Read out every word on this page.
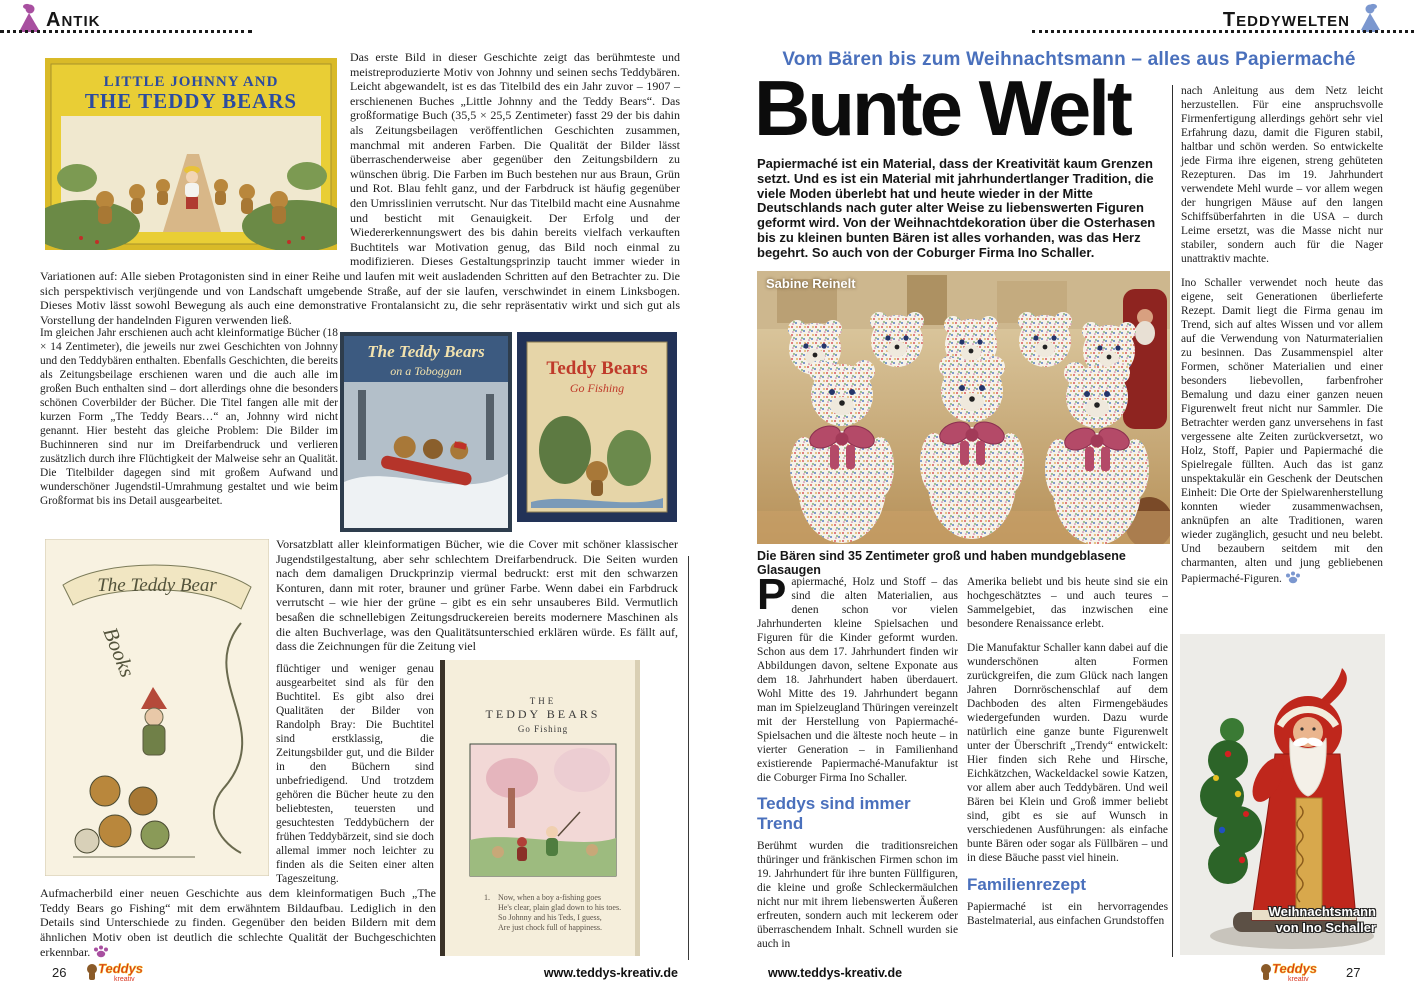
ANTIK	TEDDYWELTEN

Das erste Bild in dieser Geschichte zeigt das berühmteste und meistreproduzierte Motiv von Johnny und seinen sechs Teddybären. Leicht abgewandelt, ist es das Titelbild des ein Jahr zuvor – 1907 – erschienenen Buches „Little Johnny and the Teddy Bears“. Das großformatige Buch (35,5 × 25,5 Zentimeter) fasst 29 der bis dahin als Zeitungsbeilagen veröffentlichen Geschichten zusammen, manchmal mit anderen Farben. Die Qualität der Bilder lässt überraschenderweise aber gegenüber den Zeitungsbildern zu wünschen übrig. Die Farben im Buch bestehen nur aus Braun, Grün und Rot. Blau fehlt ganz, und der Farbdruck ist häufig gegenüber den Umrisslinien verrutscht. Nur das Titelbild macht eine Ausnahme und besticht mit Genauigkeit. Der Erfolg und der Wiedererkennungswert des bis dahin bereits vielfach verkauften Buchtitels war Motivation genug, das Bild noch einmal zu modifizieren. Dieses Gestaltungsprinzip taucht immer wieder in Variationen auf: Alle sieben Protagonisten sind in einer Reihe und laufen mit weit ausladenden Schritten auf den Betrachter zu. Die sich perspektivisch verjüngende und von Landschaft umgebende Straße, auf der sie laufen, verschwindet in einem Linksbogen. Dieses Motiv lässt sowohl Bewegung als auch eine demonstrative Frontalansicht zu, die sehr repräsentativ wirkt und sich gut als Vorstellung der handelnden Figuren verwenden ließ.

LITTLE JOHNNY AND
THE TEDDY BEARS

Im gleichen Jahr erschienen auch acht kleinformatige Bücher (18 × 14 Zentimeter), die jeweils nur zwei Geschichten von Johnny und den Teddybären enthalten. Ebenfalls Geschichten, die bereits als Zeitungsbeilage erschienen waren und die auch alle im großen Buch enthalten sind – dort allerdings ohne die besonders schönen Coverbilder der Bücher. Die Titel fangen alle mit der kurzen Form „The Teddy Bears…“ an, Johnny wird nicht genannt. Hier besteht das gleiche Problem: Die Bilder im Buchinneren sind nur im Dreifarbendruck und verlieren zusätzlich durch ihre Flüchtigkeit der Malweise sehr an Qualität. Die Titelbilder dagegen sind mit großem Aufwand und wunderschöner Jugendstil-Umrahmung gestaltet und wie beim Großformat bis ins Detail ausgearbeitet.

The Teddy Bears
on a Toboggan	Teddy Bears
Go Fishing
The Teddy Bear
Books

Vorsatzblatt aller kleinformatigen Bücher, wie die Cover mit schöner klassischer Jugendstilgestaltung, aber sehr schlechtem Dreifarbendruck. Die Seiten wurden nach dem damaligen Druckprinzip viermal bedruckt: erst mit den schwarzen Konturen, dann mit roter, brauner und grüner Farbe. Wenn dabei ein Farbdruck verrutscht – wie hier der grüne – gibt es ein sehr unsauberes Bild. Vermutlich besaßen die schnellebigen Zeitungsdruckereien bereits modernere Maschinen als die alten Buchverlage, was den Qualitätsunterschied erklären würde. Es fällt auf, dass die Zeichnungen für die Zeitung viel

flüchtiger und weniger genau ausgearbeitet sind als für den Buchtitel. Es gibt also drei Qualitäten der Bilder von Randolph Bray: Die Buchtitel sind erstklassig, die Zeitungsbilder gut, und die Bilder in den Büchern sind unbefriedigend. Und trotzdem gehören die Bücher heute zu den beliebtesten, teuersten und gesuchtesten Teddybüchern der frühen Teddybärzeit, sind sie doch allemal immer noch leichter zu finden als die Seiten einer alten Tageszeitung.

THE
TEDDY BEARS
Go Fishing
1. Now, when a boy a-fishing goes
He's clear, plain glad down to his toes.
So Johnny and his Teds, I guess,
Are just chock full of happiness.
Aufmacherbild einer neuen Geschichte aus dem kleinformatigen Buch „The Teddy Bears go Fishing“ mit dem erwähntem Bildaufbau. Lediglich in den Details sind Unterschiede zu finden. Gegenüber den beiden Bildern mit dem ähnlichen Motiv oben ist deutlich die schlechte Qualität der Buchgeschichten erkennbar.
Vom Bären bis zum Weihnachtsmann – alles aus Papiermaché
Bunte Welt
Papiermaché ist ein Material, dass der Kreativität kaum Grenzen setzt. Und es ist ein Material mit jahrhundertlanger Tradition, die viele Moden überlebt hat und heute wieder in der Mitte Deutschlands nach guter alter Weise zu liebenswerten Figuren geformt wird. Von der Weihnachtdekoration über die Osterhasen bis zu kleinen bunten Bären ist alles vorhanden, was das Herz begehrt. So auch von der Coburger Firma Ino Schaller.
Sabine Reinelt
Die Bären sind 35 Zentimeter groß und haben mundgeblasene Glasaugen

Papiermaché, Holz und Stoff – das sind die alten Materialien, aus denen schon vor vielen Jahrhunderten kleine Spielsachen und Figuren für die Kinder geformt wurden. Schon aus dem 17. Jahrhundert finden wir Abbildungen davon, seltene Exponate aus dem 18. Jahrhundert haben überdauert. Wohl Mitte des 19. Jahrhundert begann man im Spielzeugland Thüringen vereinzelt mit der Herstellung von Papiermaché-Spielsachen und die älteste noch heute – in vierter Generation – in Familienhand existierende Papiermaché-Manufaktur ist die Coburger Firma Ino Schaller.

Teddys sind immer Trend

Berühmt wurden die traditionsreichen thüringer und fränkischen Firmen schon im 19. Jahrhundert für ihre bunten Füllfiguren, die kleine und große Schleckermäulchen nicht nur mit ihrem liebenswerten Äußeren erfreuten, sondern auch mit leckerem oder überraschendem Inhalt. Schnell wurden sie auch in

Amerika beliebt und bis heute sind sie ein hochgeschätztes – und auch teures – Sammelgebiet, das inzwischen eine besondere Renaissance erlebt.

Die Manufaktur Schaller kann dabei auf die wunderschönen alten Formen zurückgreifen, die zum Glück nach langen Jahren Dornröschenschlaf auf dem Dachboden des alten Firmengebäudes wiedergefunden wurden. Dazu wurde natürlich eine ganze bunte Figurenwelt unter der Überschrift „Trendy“ entwickelt: Hier finden sich Rehe und Hirsche, Eichkätzchen, Wackeldackel sowie Katzen, vor allem aber auch Teddybären. Und weil Bären bei Klein und Groß immer beliebt sind, gibt es sie auf Wunsch in verschiedenen Ausführungen: als einfache bunte Bären oder sogar als Füllbären – und in diese Bäuche passt viel hinein.

Familienrezept

Papiermaché ist ein hervorragendes Bastelmaterial, aus einfachen Grundstoffen

nach Anleitung aus dem Netz leicht herzustellen. Für eine anspruchsvolle Firmenfertigung allerdings gehört sehr viel Erfahrung dazu, damit die Figuren stabil, haltbar und schön werden. So entwickelte jede Firma ihre eigenen, streng gehüteten Rezepturen. Das im 19. Jahrhundert verwendete Mehl wurde – vor allem wegen der hungrigen Mäuse auf den langen Schiffsüberfahrten in die USA – durch Leime ersetzt, was die Masse nicht nur stabiler, sondern auch für die Nager unattraktiv machte.

Ino Schaller verwendet noch heute das eigene, seit Generationen überlieferte Rezept. Damit liegt die Firma genau im Trend, sich auf altes Wissen und vor allem auf die Verwendung von Naturmaterialien zu besinnen. Das Zusammenspiel alter Formen, schöner Materialien und einer besonders liebevollen, farbenfroher Bemalung und dazu einer ganzen neuen Figurenwelt freut nicht nur Sammler. Die Betrachter werden ganz unversehens in fast vergessene alte Zeiten zurückversetzt, wo Holz, Stoff, Papier und Papiermaché die Spielregale füllten. Auch das ist ganz unspektakulär ein Geschenk der Deutschen Einheit: Die Orte der Spielwarenherstellung konnten wieder zusammenwachsen, anknüpfen an alte Traditionen, waren wieder zugänglich, gesucht und neu belebt. Und bezaubern seitdem mit den charmanten, alten und jung gebliebenen Papiermaché-Figuren.

Weihnachtsmann
von Ino Schaller
26 Teddys
kreativ	www.teddys-kreativ.de	www.teddys-kreativ.de	Teddys
kreativ	27
